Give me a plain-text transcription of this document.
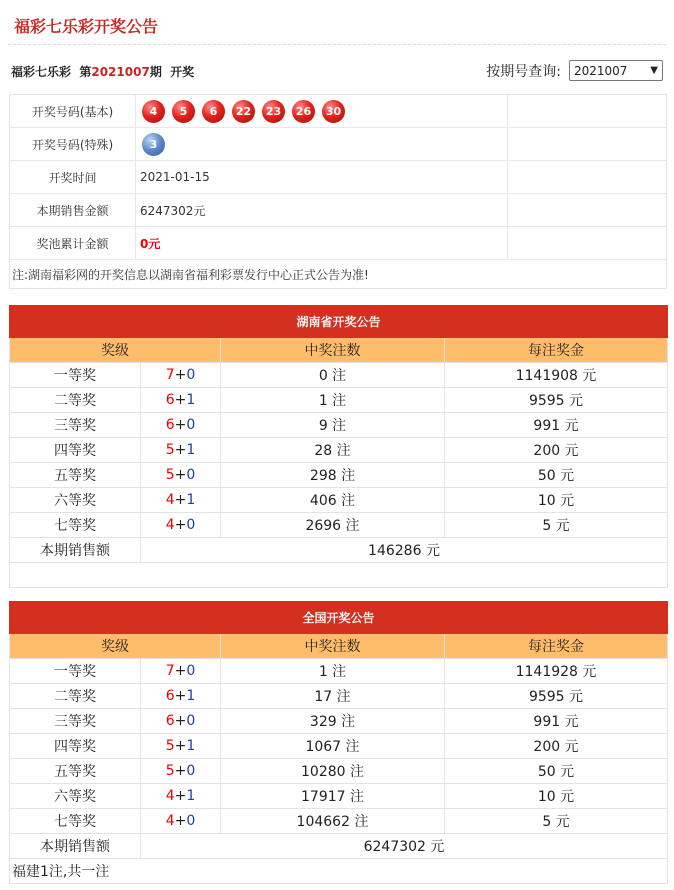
福彩七乐彩开奖公告
福彩七乐彩  第2021007期  开奖	按期号查询: 2021007 ▼
开奖号码(基本)	4	5	6	22	23	26	30
开奖号码(特殊)	3
开奖时间	2021-01-15
本期销售金额	6247302元
奖池累计金额	0元
注:湖南福彩网的开奖信息以湖南省福利彩票发行中心正式公告为准!
湖南省开奖公告			
奖级		中奖注数	每注奖金
一等奖	7+0	0 注	1141908 元
二等奖	6+1	1 注	9595 元
三等奖	6+0	9 注	991 元
四等奖	5+1	28 注	200 元
五等奖	5+0	298 注	50 元
六等奖	4+1	406 注	10 元
七等奖	4+0	2696 注	5 元
本期销售额	146286 元		

全国开奖公告			
奖级		中奖注数	每注奖金
一等奖	7+0	1 注	1141928 元
二等奖	6+1	17 注	9595 元
三等奖	6+0	329 注	991 元
四等奖	5+1	1067 注	200 元
五等奖	5+0	10280 注	50 元
六等奖	4+1	17917 注	10 元
七等奖	4+0	104662 注	5 元
本期销售额	6247302 元		
福建1注,共一注			
